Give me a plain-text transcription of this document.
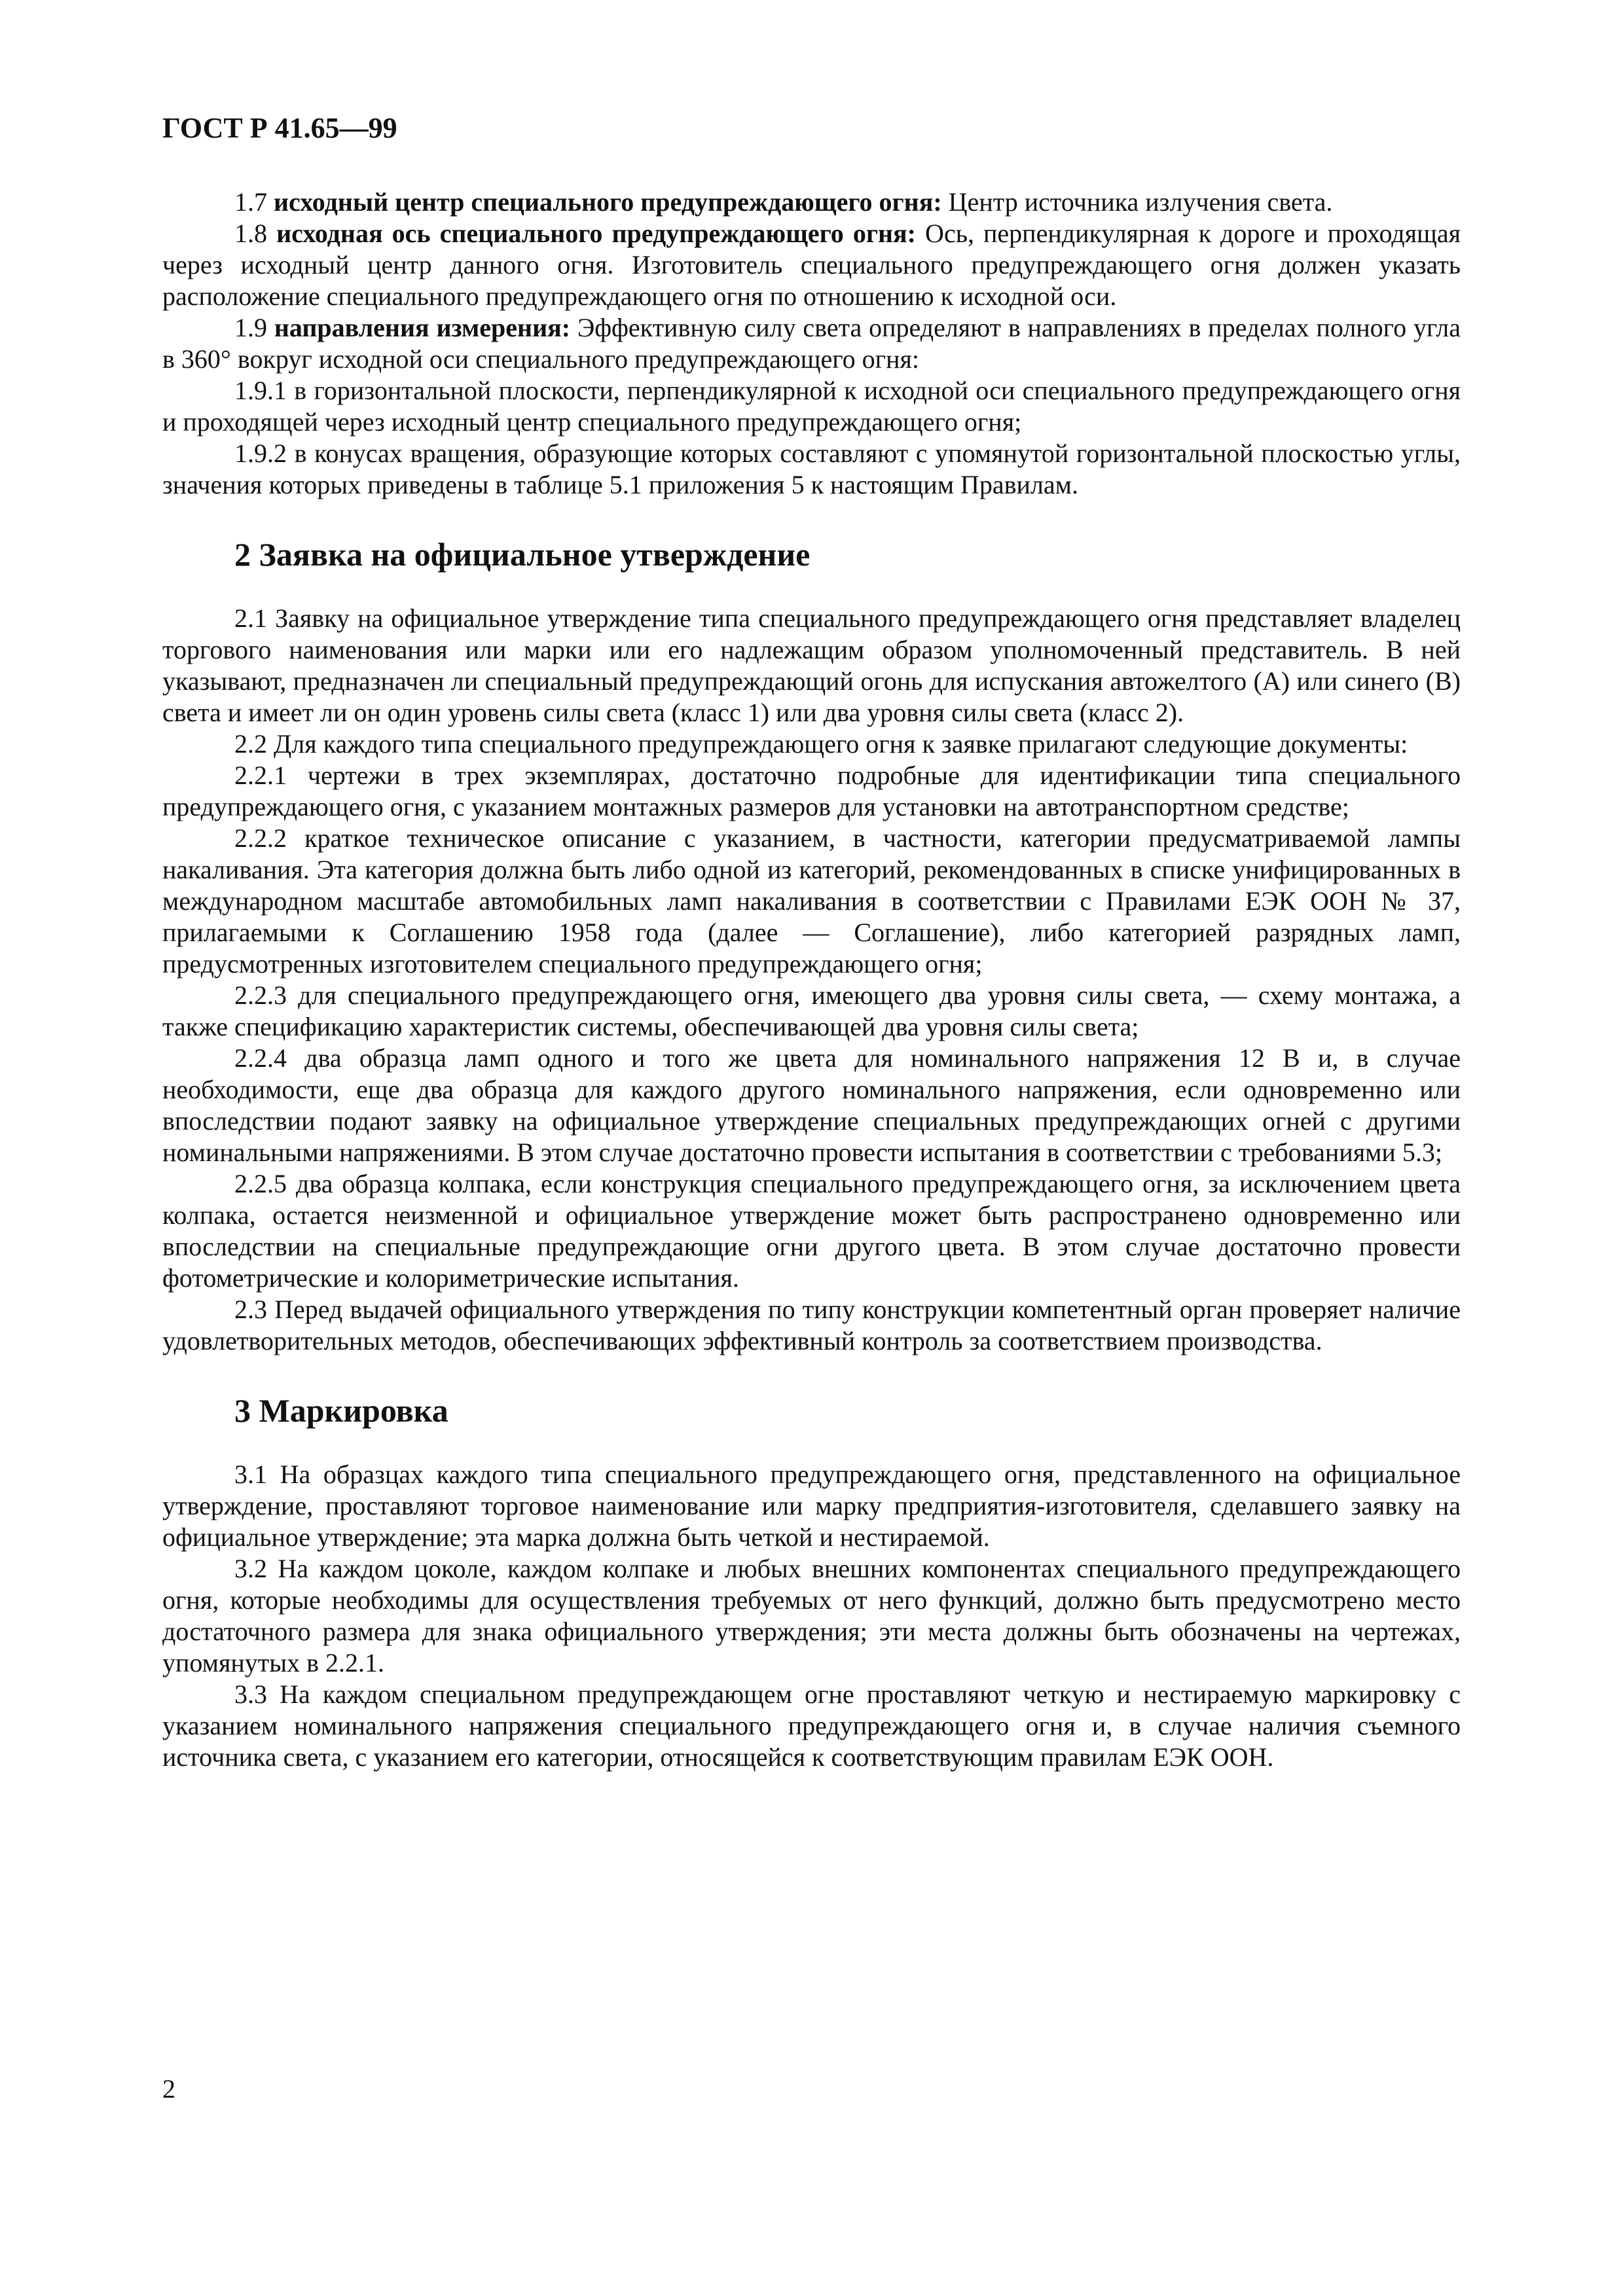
ГОСТ Р 41.65—99

1.7 исходный центр специального предупреждающего огня: Центр источника излучения света.

1.8 исходная ось специального предупреждающего огня: Ось, перпендикулярная к дороге и проходящая через исходный центр данного огня. Изготовитель специального предупреждающего огня должен указать расположение специального предупреждающего огня по отношению к исходной оси.

1.9 направления измерения: Эффективную силу света определяют в направлениях в пределах полного угла в 360° вокруг исходной оси специального предупреждающего огня:

1.9.1 в горизонтальной плоскости, перпендикулярной к исходной оси специального предупреждающего огня и проходящей через исходный центр специального предупреждающего огня;

1.9.2 в конусах вращения, образующие которых составляют с упомянутой горизонтальной плоскостью углы, значения которых приведены в таблице 5.1 приложения 5 к настоящим Правилам.

2 Заявка на официальное утверждение

2.1 Заявку на официальное утверждение типа специального предупреждающего огня представляет владелец торгового наименования или марки или его надлежащим образом уполномоченный представитель. В ней указывают, предназначен ли специальный предупреждающий огонь для испускания автожелтого (А) или синего (В) света и имеет ли он один уровень силы света (класс 1) или два уровня силы света (класс 2).

2.2 Для каждого типа специального предупреждающего огня к заявке прилагают следующие документы:

2.2.1 чертежи в трех экземплярах, достаточно подробные для идентификации типа специального предупреждающего огня, с указанием монтажных размеров для установки на автотранспортном средстве;

2.2.2 краткое техническое описание с указанием, в частности, категории предусматриваемой лампы накаливания. Эта категория должна быть либо одной из категорий, рекомендованных в списке унифицированных в международном масштабе автомобильных ламп накаливания в соответствии с Правилами ЕЭК ООН № 37, прилагаемыми к Соглашению 1958 года (далее — Соглашение), либо категорией разрядных ламп, предусмотренных изготовителем специального предупреждающего огня;

2.2.3 для специального предупреждающего огня, имеющего два уровня силы света, — схему монтажа, а также спецификацию характеристик системы, обеспечивающей два уровня силы света;

2.2.4 два образца ламп одного и того же цвета для номинального напряжения 12 В и, в случае необходимости, еще два образца для каждого другого номинального напряжения, если одновременно или впоследствии подают заявку на официальное утверждение специальных предупреждающих огней с другими номинальными напряжениями. В этом случае достаточно провести испытания в соответствии с требованиями 5.3;

2.2.5 два образца колпака, если конструкция специального предупреждающего огня, за исключением цвета колпака, остается неизменной и официальное утверждение может быть распространено одновременно или впоследствии на специальные предупреждающие огни другого цвета. В этом случае достаточно провести фотометрические и колориметрические испытания.

2.3 Перед выдачей официального утверждения по типу конструкции компетентный орган проверяет наличие удовлетворительных методов, обеспечивающих эффективный контроль за соответствием производства.

3 Маркировка

3.1 На образцах каждого типа специального предупреждающего огня, представленного на официальное утверждение, проставляют торговое наименование или марку предприятия-изготовителя, сделавшего заявку на официальное утверждение; эта марка должна быть четкой и нестираемой.

3.2 На каждом цоколе, каждом колпаке и любых внешних компонентах специального предупреждающего огня, которые необходимы для осуществления требуемых от него функций, должно быть предусмотрено место достаточного размера для знака официального утверждения; эти места должны быть обозначены на чертежах, упомянутых в 2.2.1.

3.3 На каждом специальном предупреждающем огне проставляют четкую и нестираемую маркировку с указанием номинального напряжения специального предупреждающего огня и, в случае наличия съемного источника света, с указанием его категории, относящейся к соответствующим правилам ЕЭК ООН.

2
